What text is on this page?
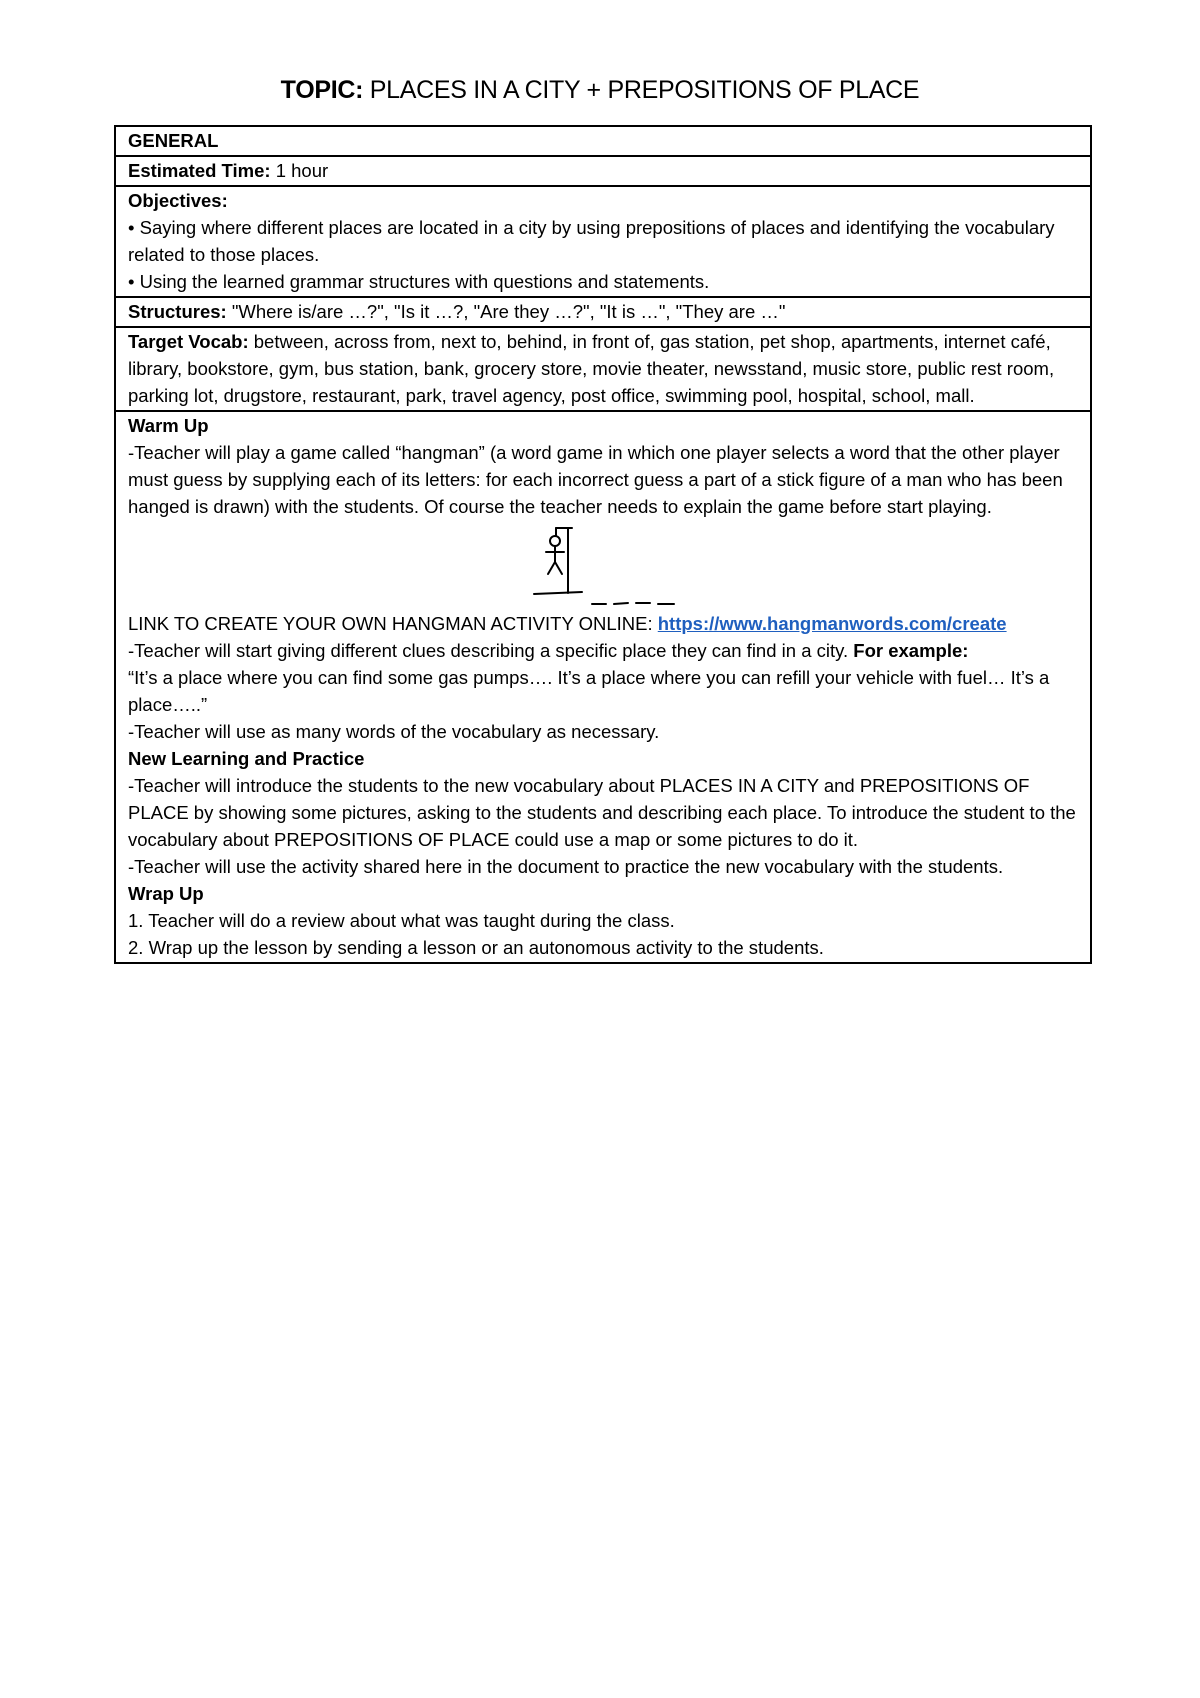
TOPIC: PLACES IN A CITY + PREPOSITIONS OF PLACE
GENERAL
Estimated Time: 1 hour
Objectives:
• Saying where different places are located in a city by using prepositions of places and identifying the vocabulary related to those places.
• Using the learned grammar structures with questions and statements.
Structures: "Where is/are …?", "Is it …?, "Are they …?", "It is …", "They are …"
Target Vocab: between, across from, next to, behind, in front of, gas station, pet shop, apartments, internet café, library, bookstore, gym, bus station, bank, grocery store, movie theater, newsstand, music store, public rest room, parking lot, drugstore, restaurant, park, travel agency, post office, swimming pool, hospital, school, mall.
Warm Up
-Teacher will play a game called “hangman” (a word game in which one player selects a word that the other player must guess by supplying each of its letters: for each incorrect guess a part of a stick figure of a man who has been hanged is drawn) with the students. Of course the teacher needs to explain the game before start playing.
LINK TO CREATE YOUR OWN HANGMAN ACTIVITY ONLINE: https://www.hangmanwords.com/create
-Teacher will start giving different clues describing a specific place they can find in a city. For example:
“It’s a place where you can find some gas pumps…. It’s a place where you can refill your vehicle with fuel… It’s a place…..”
-Teacher will use as many words of the vocabulary as necessary.
New Learning and Practice
-Teacher will introduce the students to the new vocabulary about PLACES IN A CITY and PREPOSITIONS OF PLACE by showing some pictures, asking to the students and describing each place. To introduce the student to the vocabulary about PREPOSITIONS OF PLACE could use a map or some pictures to do it.
-Teacher will use the activity shared here in the document to practice the new vocabulary with the students.
Wrap Up
1. Teacher will do a review about what was taught during the class.
2. Wrap up the lesson by sending a lesson or an autonomous activity to the students.
